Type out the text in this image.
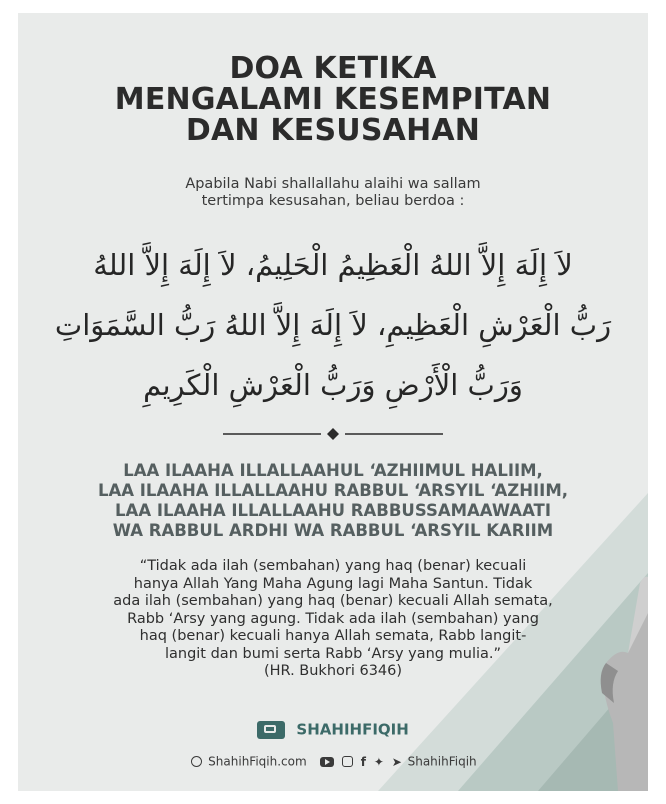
DOA KETIKA
MENGALAMI KESEMPITAN
DAN KESUSAHAN
Apabila Nabi shallallahu alaihi wa sallam
tertimpa kesusahan, beliau berdoa :
لاَ إِلَهَ إِلاَّ اللهُ الْعَظِيمُ الْحَلِيمُ، لاَ إِلَهَ إِلاَّ اللهُ
رَبُّ الْعَرْشِ الْعَظِيمِ، لاَ إِلَهَ إِلاَّ اللهُ رَبُّ السَّمَوَاتِ
وَرَبُّ الْأَرْضِ وَرَبُّ الْعَرْشِ الْكَرِيمِ
LAA ILAAHA ILLALLAAHUL ‘AZHIIMUL HALIIM,
LAA ILAAHA ILLALLAAHU RABBUL ‘ARSYIL ‘AZHIIM,
LAA ILAAHA ILLALLAAHU RABBUSSAMAAWAATI
WA RABBUL ARDHI WA RABBUL ‘ARSYIL KARIIM
“Tidak ada ilah (sembahan) yang haq (benar) kecuali
hanya Allah Yang Maha Agung lagi Maha Santun. Tidak
ada ilah (sembahan) yang haq (benar) kecuali Allah semata,
Rabb ‘Arsy yang agung. Tidak ada ilah (sembahan) yang
haq (benar) kecuali hanya Allah semata, Rabb langit-
langit dan bumi serta Rabb ‘Arsy yang mulia.”
(HR. Bukhori 6346)
SHAHIHFIQIH
ShahihFiqih.com	f ✦ ➤ ShahihFiqih
